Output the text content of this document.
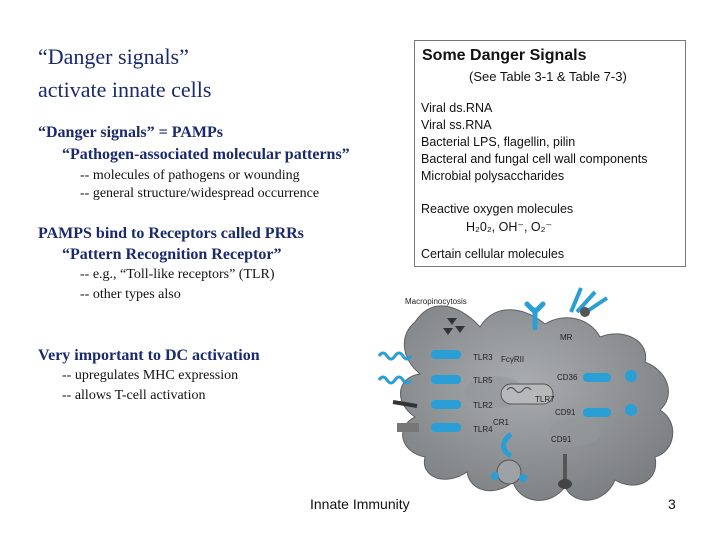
“Danger signals”
activate innate cells
“Danger signals” = PAMPs
“Pathogen-associated molecular patterns”
-- molecules of pathogens or wounding
-- general structure/widespread occurrence
PAMPS bind to Receptors called PRRs
“Pattern Recognition Receptor”
-- e.g., “Toll-like receptors” (TLR)
-- other types also
Very important to DC activation
-- upregulates MHC expression
-- allows T-cell activation
Some Danger Signals
(See Table 3-1 & Table 7-3)
Viral ds.RNA
Viral ss.RNA
Bacterial LPS, flagellin, pilin
Bacteral and fungal cell wall components
Microbial polysaccharides
Reactive oxygen molecules
H₂0₂, OH⁻, O₂⁻
Certain cellular molecules
Macropinocytosis
MR
TLR3 FcγRII
TLR5	CD36
TLR7
TLR2
CR1
CD91
TLR4
CD91
Innate Immunity	3
